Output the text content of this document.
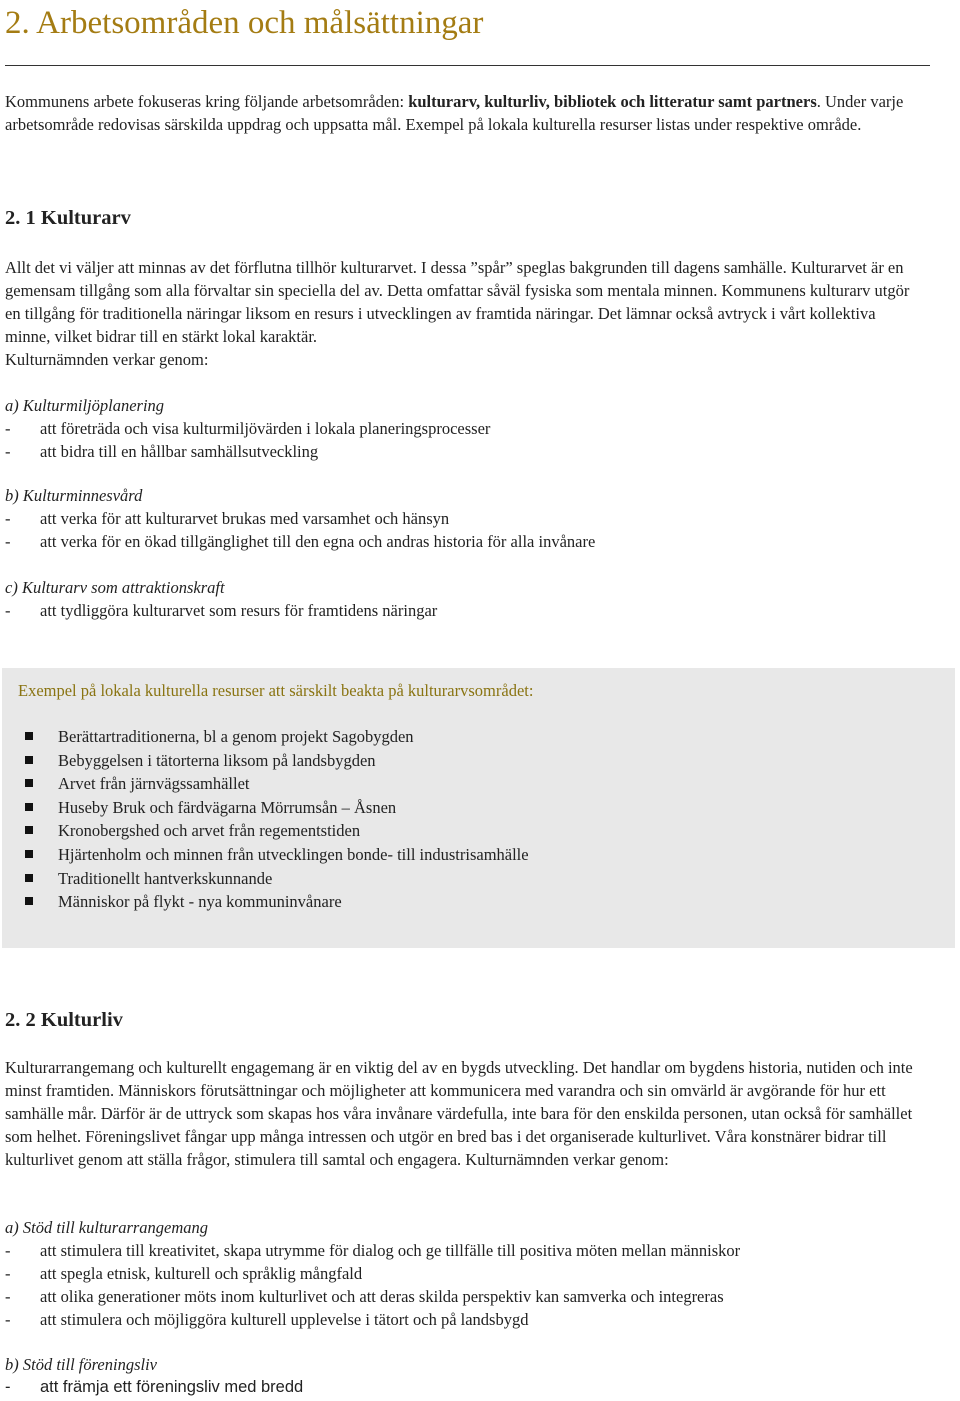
2. Arbetsområden och målsättningar
Kommunens arbete fokuseras kring följande arbetsområden: kulturarv, kulturliv, bibliotek och litteratur samt partners. Under varje arbetsområde redovisas särskilda uppdrag och uppsatta mål. Exempel på lokala kulturella resurser listas under respektive område.
2. 1 Kulturarv

Allt det vi väljer att minnas av det förflutna tillhör kulturarvet. I dessa ”spår” speglas bakgrunden till dagens samhälle. Kulturarvet är en gemensam tillgång som alla förvaltar sin speciella del av. Detta omfattar såväl fysiska som mentala minnen. Kommunens kulturarv utgör en tillgång för traditionella näringar liksom en resurs i utvecklingen av framtida näringar. Det lämnar också avtryck i vårt kollektiva minne, vilket bidrar till en stärkt lokal karaktär.

Kulturnämnden verkar genom:

a) Kulturmiljöplanering

- att företräda och visa kulturmiljövärden i lokala planeringsprocesser
- att bidra till en hållbar samhällsutveckling

b) Kulturminnesvård

- att verka för att kulturarvet brukas med varsamhet och hänsyn
- att verka för en ökad tillgänglighet till den egna och andras historia för alla invånare

c) Kulturarv som attraktionskraft

- att tydliggöra kulturarvet som resurs för framtidens näringar
Exempel på lokala kulturella resurser att särskilt beakta på kulturarvsområdet:
Berättartraditionerna, bl a genom projekt Sagobygden
Bebyggelsen i tätorterna liksom på landsbygden
Arvet från järnvägssamhället
Huseby Bruk och färdvägarna Mörrumsån – Åsnen
Kronobergshed och arvet från regementstiden
Hjärtenholm och minnen från utvecklingen bonde- till industrisamhälle
Traditionellt hantverkskunnande
Människor på flykt - nya kommuninvånare
2. 2 Kulturliv

Kulturarrangemang och kulturellt engagemang är en viktig del av en bygds utveckling. Det handlar om bygdens historia, nutiden och inte minst framtiden. Människors förutsättningar och möjligheter att kommunicera med varandra och sin omvärld är avgörande för hur ett samhälle mår. Därför är de uttryck som skapas hos våra invånare värdefulla, inte bara för den enskilda personen, utan också för samhället som helhet. Föreningslivet fångar upp många intressen och utgör en bred bas i det organiserade kulturlivet. Våra konstnärer bidrar till kulturlivet genom att ställa frågor, stimulera till samtal och engagera. Kulturnämnden verkar genom:

a) Stöd till kulturarrangemang

- att stimulera till kreativitet, skapa utrymme för dialog och ge tillfälle till positiva möten mellan människor
- att spegla etnisk, kulturell och språklig mångfald
- att olika generationer möts inom kulturlivet och att deras skilda perspektiv kan samverka och integreras
- att stimulera och möjliggöra kulturell upplevelse i tätort och på landsbygd

b) Stöd till föreningsliv

- att främja ett föreningsliv med bredd
